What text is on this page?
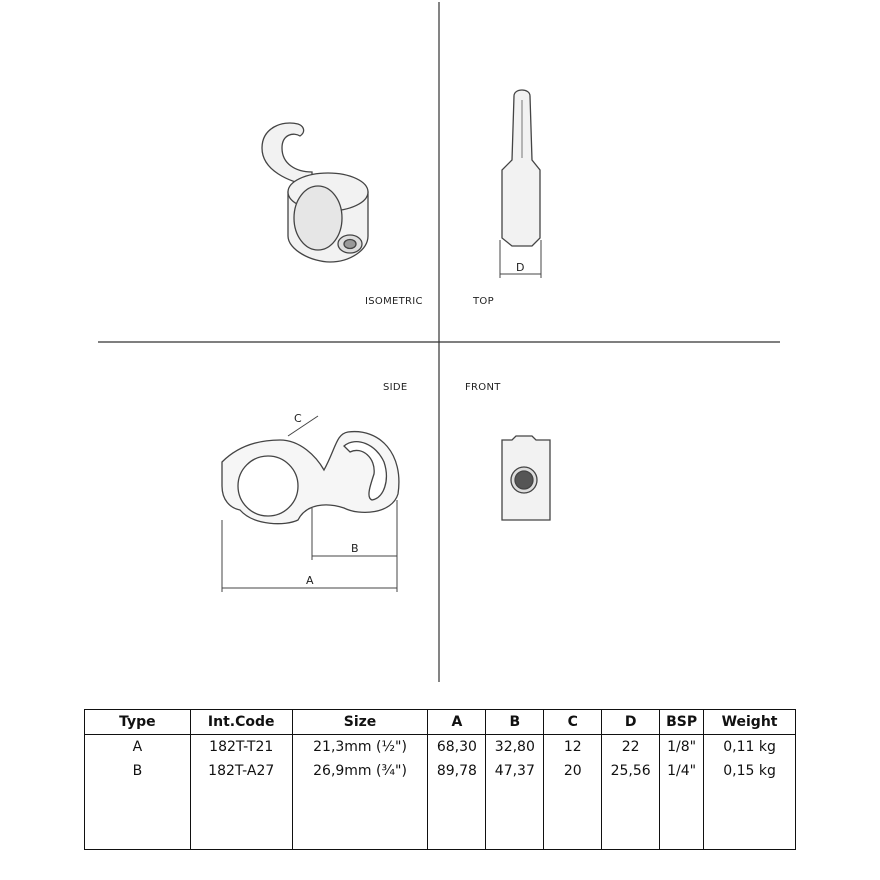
D
C
B
A
ISOMETRIC	TOP
SIDE	FRONT
Type	Int.Code	Size	A	B	C	D	BSP	Weight
A	182T-T21	21,3mm (½")	68,30	32,80	12	22	1/8"	0,11 kg
B	182T-A27	26,9mm (¾")	89,78	47,37	20	25,56	1/4"	0,15 kg
